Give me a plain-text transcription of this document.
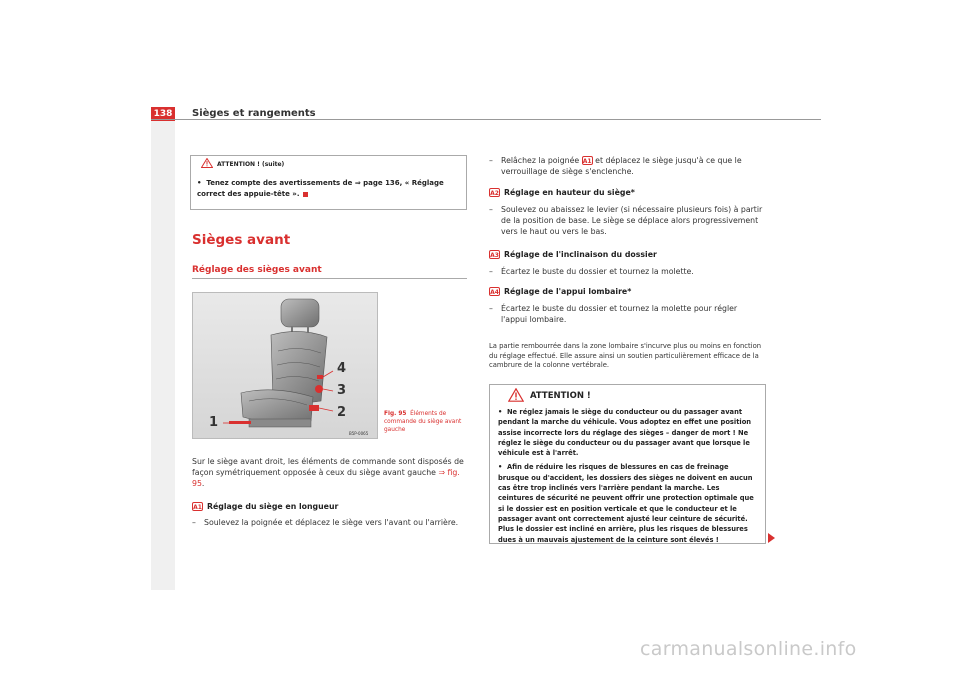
138 Sièges et rangements
ATTENTION ! (suite)
•  Tenez compte des avertissements de ⇒ page 136, « Réglage correct des appuie-tête ».
Sièges avant
Réglage des sièges avant
1
2
3
4
B5P-0065
Fig. 95 Éléments de commande du siège avant gauche
Sur le siège avant droit, les éléments de commande sont disposés de façon symétriquement opposée à ceux du siège avant gauche ⇒ fig. 95.
A1 Réglage du siège en longueur
–	Soulevez la poignée et déplacez le siège vers l'avant ou l'arrière.
–	Relâchez la poignée A1 et déplacez le siège jusqu'à ce que le verrouillage de siège s'enclenche.
A2 Réglage en hauteur du siège*
–	Soulevez ou abaissez le levier (si nécessaire plusieurs fois) à partir de la position de base. Le siège se déplace alors progressivement vers le haut ou vers le bas.
A3 Réglage de l'inclinaison du dossier
–	Écartez le buste du dossier et tournez la molette.
A4 Réglage de l'appui lombaire*
–	Écartez le buste du dossier et tournez la molette pour régler l'appui lombaire.
La partie rembourrée dans la zone lombaire s'incurve plus ou moins en fonction du réglage effectué. Elle assure ainsi un soutien particulièrement efficace de la cambrure de la colonne vertébrale.
ATTENTION !
•  Ne réglez jamais le siège du conducteur ou du passager avant pendant la marche du véhicule. Vous adoptez en effet une position assise incorrecte lors du réglage des sièges – danger de mort ! Ne réglez le siège du conducteur ou du passager avant que lorsque le véhicule est à l'arrêt.
•  Afin de réduire les risques de blessures en cas de freinage brusque ou d'accident, les dossiers des sièges ne doivent en aucun cas être trop inclinés vers l'arrière pendant la marche. Les ceintures de sécurité ne peuvent offrir une protection optimale que si le dossier est en position verticale et que le conducteur et le passager avant ont correctement ajusté leur ceinture de sécurité. Plus le dossier est incliné en arrière, plus les risques de blessures dues à un mauvais ajustement de la ceinture sont élevés !
carmanualsonline.info
